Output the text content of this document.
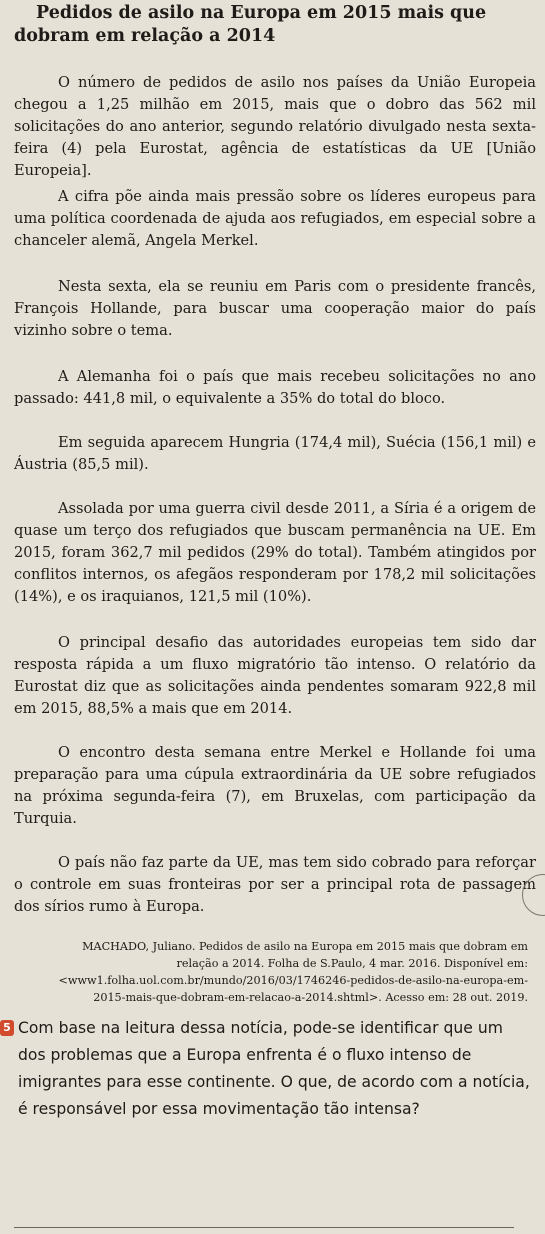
Pedidos de asilo na Europa em 2015 mais que
dobram em relação a 2014

O número de pedidos de asilo nos países da União Europeia chegou a 1,25 milhão em 2015, mais que o dobro das 562 mil solicitações do ano anterior, segundo relatório divulgado nesta sexta-feira (4) pela Eurostat, agência de estatísticas da UE [União Europeia].

A cifra põe ainda mais pressão sobre os líderes europeus para uma política coordenada de ajuda aos refugiados, em especial sobre a chanceler alemã, Angela Merkel.

Nesta sexta, ela se reuniu em Paris com o presidente francês, François Hollande, para buscar uma cooperação maior do país vizinho sobre o tema.

A Alemanha foi o país que mais recebeu solicitações no ano passado: 441,8 mil, o equivalente a 35% do total do bloco.

Em seguida aparecem Hungria (174,4 mil), Suécia (156,1 mil) e Áustria (85,5 mil).

Assolada por uma guerra civil desde 2011, a Síria é a origem de quase um terço dos refugiados que buscam permanência na UE. Em 2015, foram 362,7 mil pedidos (29% do total). Também atingidos por conflitos internos, os afegãos responderam por 178,2 mil solicitações (14%), e os iraquianos, 121,5 mil (10%).

O principal desafio das autoridades europeias tem sido dar resposta rápida a um fluxo migratório tão intenso. O relatório da Eurostat diz que as solicitações ainda pendentes somaram 922,8 mil em 2015, 88,5% a mais que em 2014.

O encontro desta semana entre Merkel e Hollande foi uma preparação para uma cúpula extraordinária da UE sobre refugiados na próxima segunda-feira (7), em Bruxelas, com participação da Turquia.

O país não faz parte da UE, mas tem sido cobrado para reforçar o controle em suas fronteiras por ser a principal rota de passagem dos sírios rumo à Europa.

MACHADO, Juliano. Pedidos de asilo na Europa em 2015 mais que dobram em relação a 2014. Folha de S.Paulo, 4 mar. 2016. Disponível em: <www1.folha.uol.com.br/mundo/2016/03/1746246-pedidos-de-asilo-na-europa-em-2015-mais-que-dobram-em-relacao-a-2014.shtml>. Acesso em: 28 out. 2019.

5 Com base na leitura dessa notícia, pode-se identificar que um dos problemas que a Europa enfrenta é o fluxo intenso de imigrantes para esse continente. O que, de acordo com a notícia, é responsável por essa movimentação tão intensa?
